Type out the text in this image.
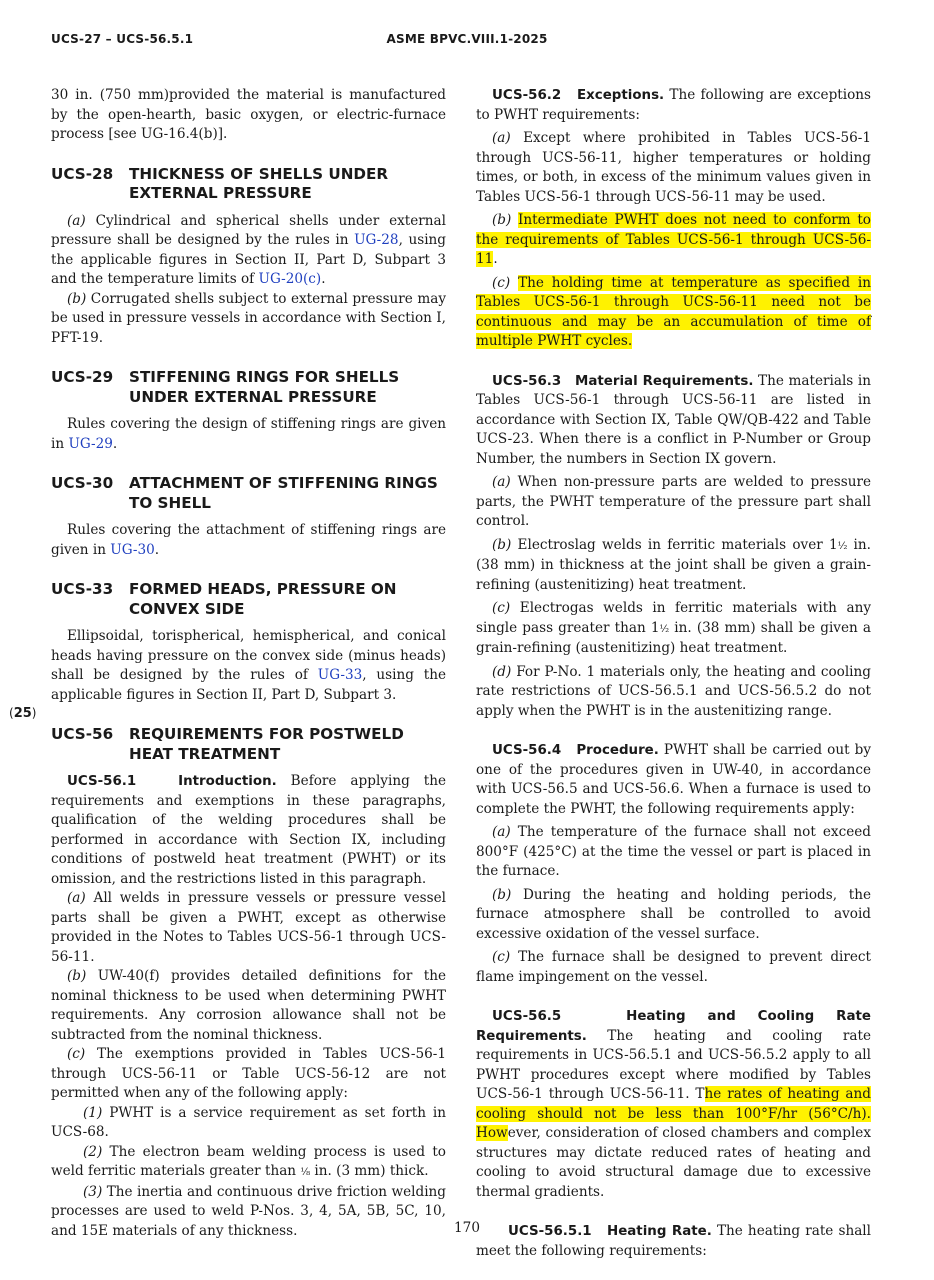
UCS-27 – UCS-56.5.1	ASME BPVC.VIII.1-2025
(25)

30 in. (750 mm)provided the material is manufactured by the open-hearth, basic oxygen, or electric-furnace process [see UG-16.4(b)].

UCS-28	THICKNESS OF SHELLS UNDER EXTERNAL PRESSURE

(a) Cylindrical and spherical shells under external pressure shall be designed by the rules in UG-28, using the applicable figures in Section II, Part D, Subpart 3 and the temperature limits of UG-20(c).

(b) Corrugated shells subject to external pressure may be used in pressure vessels in accordance with Section I, PFT-19.

UCS-29	STIFFENING RINGS FOR SHELLS UNDER EXTERNAL PRESSURE

Rules covering the design of stiffening rings are given in UG-29.

UCS-30	ATTACHMENT OF STIFFENING RINGS TO SHELL

Rules covering the attachment of stiffening rings are given in UG-30.

UCS-33	FORMED HEADS, PRESSURE ON CONVEX SIDE

Ellipsoidal, torispherical, hemispherical, and conical heads having pressure on the convex side (minus heads) shall be designed by the rules of UG-33, using the applicable figures in Section II, Part D, Subpart 3.

UCS-56	REQUIREMENTS FOR POSTWELD HEAT TREATMENT

UCS-56.1	Introduction. Before applying the requirements and exemptions in these paragraphs, qualification of the welding procedures shall be performed in accordance with Section IX, including conditions of postweld heat treatment (PWHT) or its omission, and the restrictions listed in this paragraph.

(a) All welds in pressure vessels or pressure vessel parts shall be given a PWHT, except as otherwise provided in the Notes to Tables UCS-56-1 through UCS-56-11.

(b) UW-40(f) provides detailed definitions for the nominal thickness to be used when determining PWHT requirements. Any corrosion allowance shall not be subtracted from the nominal thickness.

(c) The exemptions provided in Tables UCS-56-1 through UCS-56-11 or Table UCS-56-12 are not permitted when any of the following apply:

(1) PWHT is a service requirement as set forth in UCS-68.

(2) The electron beam welding process is used to weld ferritic materials greater than ¹⁄₈ in. (3 mm) thick.

(3) The inertia and continuous drive friction welding processes are used to weld P-Nos. 3, 4, 5A, 5B, 5C, 10, and 15E materials of any thickness.

UCS-56.2 Exceptions. The following are exceptions to PWHT requirements:

(a) Except where prohibited in Tables UCS-56-1 through UCS-56-11, higher temperatures or holding times, or both, in excess of the minimum values given in Tables UCS-56-1 through UCS-56-11 may be used.

(b) Intermediate PWHT does not need to conform to the requirements of Tables UCS-56-1 through UCS-56-11.

(c) The holding time at temperature as specified in Tables UCS-56-1 through UCS-56-11 need not be continuous and may be an accumulation of time of multiple PWHT cycles.

UCS-56.3 Material Requirements. The materials in Tables UCS-56-1 through UCS-56-11 are listed in accordance with Section IX, Table QW/QB-422 and Table UCS-23. When there is a conflict in P-Number or Group Number, the numbers in Section IX govern.

(a) When non-pressure parts are welded to pressure parts, the PWHT temperature of the pressure part shall control.

(b) Electroslag welds in ferritic materials over 1¹⁄₂ in. (38 mm) in thickness at the joint shall be given a grain-refining (austenitizing) heat treatment.

(c) Electrogas welds in ferritic materials with any single pass greater than 1¹⁄₂ in. (38 mm) shall be given a grain-refining (austenitizing) heat treatment.

(d) For P-No. 1 materials only, the heating and cooling rate restrictions of UCS-56.5.1 and UCS-56.5.2 do not apply when the PWHT is in the austenitizing range.

UCS-56.4 Procedure. PWHT shall be carried out by one of the procedures given in UW-40, in accordance with UCS-56.5 and UCS-56.6. When a furnace is used to complete the PWHT, the following requirements apply:

(a) The temperature of the furnace shall not exceed 800°F (425°C) at the time the vessel or part is placed in the furnace.

(b) During the heating and holding periods, the furnace atmosphere shall be controlled to avoid excessive oxidation of the vessel surface.

(c) The furnace shall be designed to prevent direct flame impingement on the vessel.

UCS-56.5	Heating and Cooling Rate Requirements. The heating and cooling rate requirements in UCS-56.5.1 and UCS-56.5.2 apply to all PWHT procedures except where modified by Tables UCS-56-1 through UCS-56-11. The rates of heating and cooling should not be less than 100°F/hr (56°C/h). However, consideration of closed chambers and complex structures may dictate reduced rates of heating and cooling to avoid structural damage due to excessive thermal gradients.

UCS-56.5.1 Heating Rate. The heating rate shall meet the following requirements:

170
